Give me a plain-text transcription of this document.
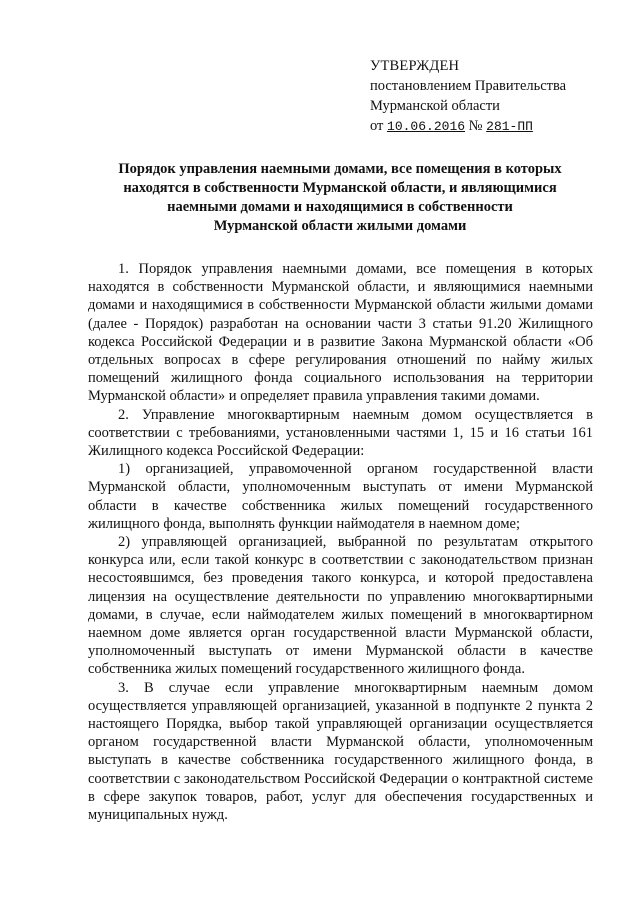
УТВЕРЖДЕН
постановлением Правительства
Мурманской области
от 10.06.2016 № 281-ПП
Порядок управления наемными домами, все помещения в которых
находятся в собственности Мурманской области, и являющимися
наемными домами и находящимися в собственности
Мурманской области жилыми домами

1. Порядок управления наемными домами, все помещения в которых находятся в собственности Мурманской области, и являющимися наемными домами и находящимися в собственности Мурманской области жилыми домами (далее - Порядок) разработан на основании части 3 статьи 91.20 Жилищного кодекса Российской Федерации и в развитие Закона Мурманской области «Об отдельных вопросах в сфере регулирования отношений по найму жилых помещений жилищного фонда социального использования на территории Мурманской области» и определяет правила управления такими домами.

2. Управление многоквартирным наемным домом осуществляется в соответствии с требованиями, установленными частями 1, 15 и 16 статьи 161 Жилищного кодекса Российской Федерации:

1) организацией, управомоченной органом государственной власти Мурманской области, уполномоченным выступать от имени Мурманской области в качестве собственника жилых помещений государственного жилищного фонда, выполнять функции наймодателя в наемном доме;

2) управляющей организацией, выбранной по результатам открытого конкурса или, если такой конкурс в соответствии с законодательством признан несостоявшимся, без проведения такого конкурса, и которой предоставлена лицензия на осуществление деятельности по управлению многоквартирными домами, в случае, если наймодателем жилых помещений в многоквартирном наемном доме является орган государственной власти Мурманской области, уполномоченный выступать от имени Мурманской области в качестве собственника жилых помещений государственного жилищного фонда.

3. В случае если управление многоквартирным наемным домом осуществляется управляющей организацией, указанной в подпункте 2 пункта 2 настоящего Порядка, выбор такой управляющей организации осуществляется органом государственной власти Мурманской области, уполномоченным выступать в качестве собственника государственного жилищного фонда, в соответствии с законодательством Российской Федерации о контрактной системе в сфере закупок товаров, работ, услуг для обеспечения государственных и муниципальных нужд.
